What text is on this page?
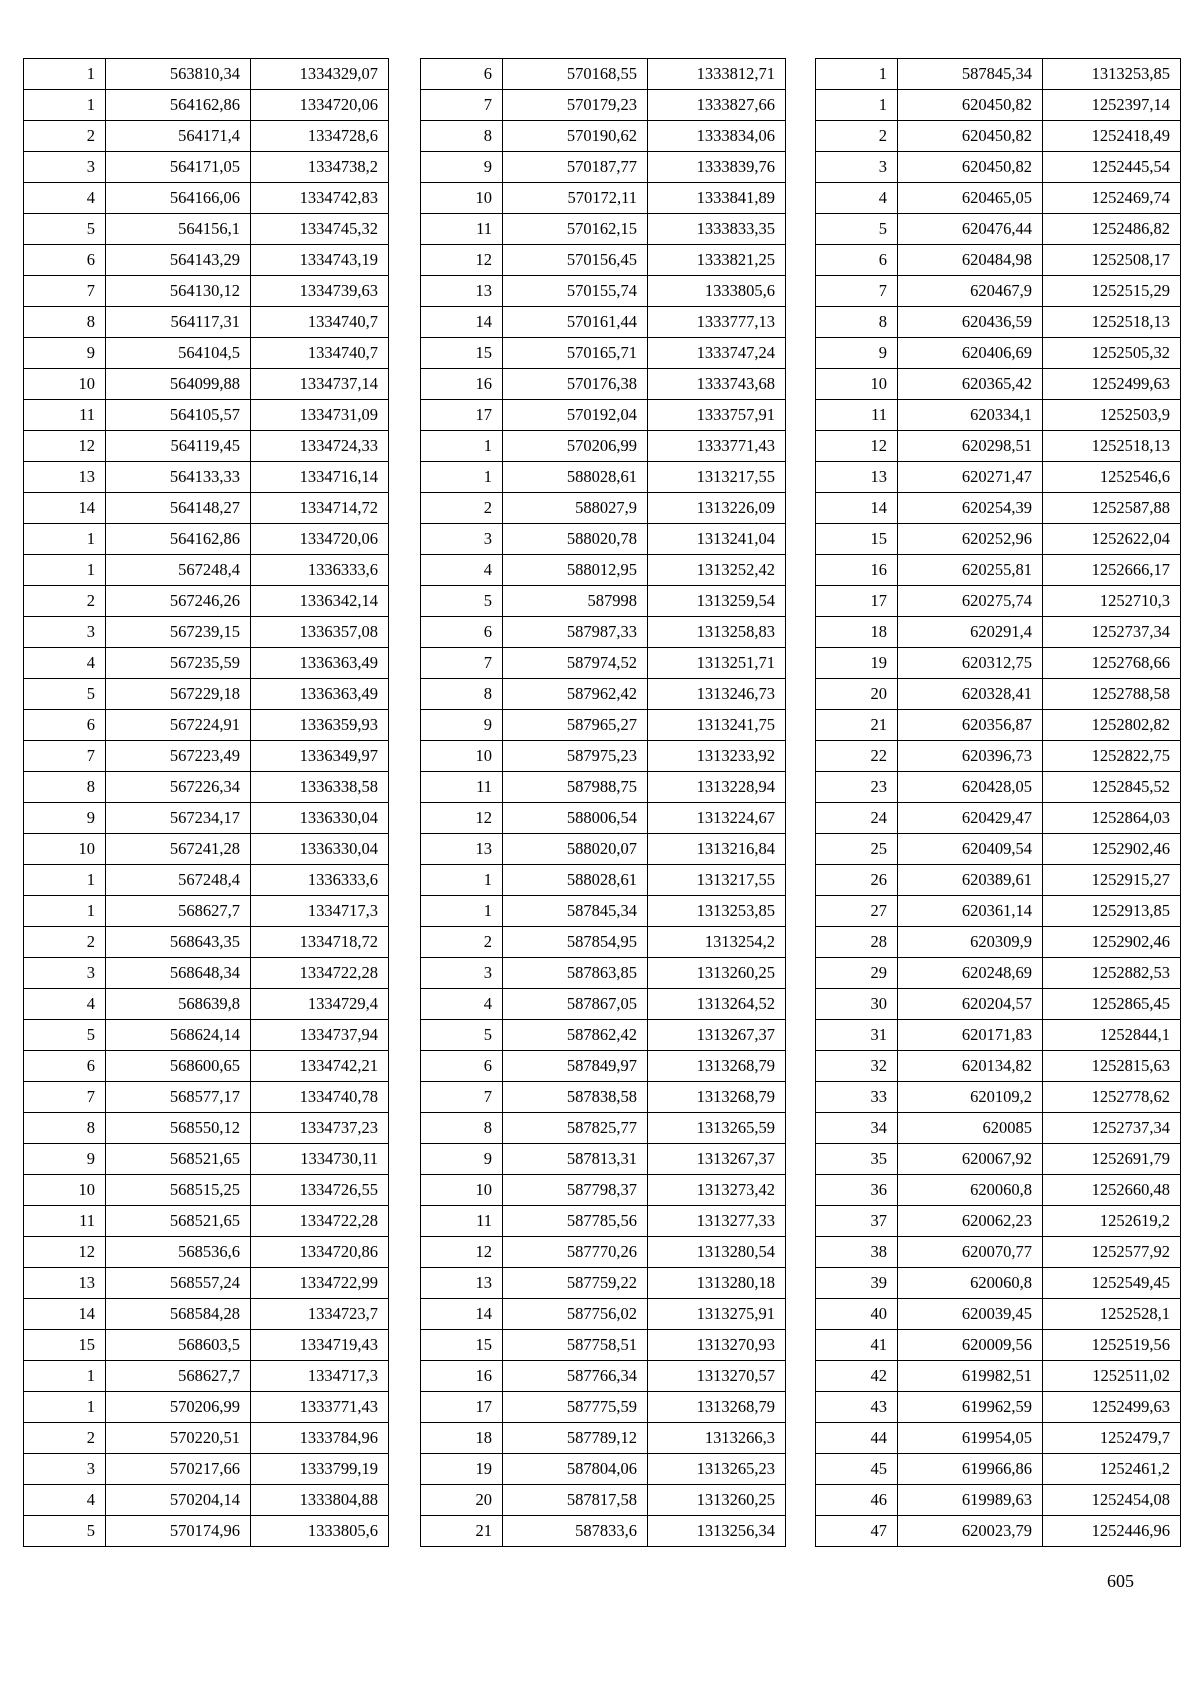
1	563810,34	1334329,07
1	564162,86	1334720,06
2	564171,4	1334728,6
3	564171,05	1334738,2
4	564166,06	1334742,83
5	564156,1	1334745,32
6	564143,29	1334743,19
7	564130,12	1334739,63
8	564117,31	1334740,7
9	564104,5	1334740,7
10	564099,88	1334737,14
11	564105,57	1334731,09
12	564119,45	1334724,33
13	564133,33	1334716,14
14	564148,27	1334714,72
1	564162,86	1334720,06
1	567248,4	1336333,6
2	567246,26	1336342,14
3	567239,15	1336357,08
4	567235,59	1336363,49
5	567229,18	1336363,49
6	567224,91	1336359,93
7	567223,49	1336349,97
8	567226,34	1336338,58
9	567234,17	1336330,04
10	567241,28	1336330,04
1	567248,4	1336333,6
1	568627,7	1334717,3
2	568643,35	1334718,72
3	568648,34	1334722,28
4	568639,8	1334729,4
5	568624,14	1334737,94
6	568600,65	1334742,21
7	568577,17	1334740,78
8	568550,12	1334737,23
9	568521,65	1334730,11
10	568515,25	1334726,55
11	568521,65	1334722,28
12	568536,6	1334720,86
13	568557,24	1334722,99
14	568584,28	1334723,7
15	568603,5	1334719,43
1	568627,7	1334717,3
1	570206,99	1333771,43
2	570220,51	1333784,96
3	570217,66	1333799,19
4	570204,14	1333804,88
5	570174,96	1333805,6
6	570168,55	1333812,71
7	570179,23	1333827,66
8	570190,62	1333834,06
9	570187,77	1333839,76
10	570172,11	1333841,89
11	570162,15	1333833,35
12	570156,45	1333821,25
13	570155,74	1333805,6
14	570161,44	1333777,13
15	570165,71	1333747,24
16	570176,38	1333743,68
17	570192,04	1333757,91
1	570206,99	1333771,43
1	588028,61	1313217,55
2	588027,9	1313226,09
3	588020,78	1313241,04
4	588012,95	1313252,42
5	587998	1313259,54
6	587987,33	1313258,83
7	587974,52	1313251,71
8	587962,42	1313246,73
9	587965,27	1313241,75
10	587975,23	1313233,92
11	587988,75	1313228,94
12	588006,54	1313224,67
13	588020,07	1313216,84
1	588028,61	1313217,55
1	587845,34	1313253,85
2	587854,95	1313254,2
3	587863,85	1313260,25
4	587867,05	1313264,52
5	587862,42	1313267,37
6	587849,97	1313268,79
7	587838,58	1313268,79
8	587825,77	1313265,59
9	587813,31	1313267,37
10	587798,37	1313273,42
11	587785,56	1313277,33
12	587770,26	1313280,54
13	587759,22	1313280,18
14	587756,02	1313275,91
15	587758,51	1313270,93
16	587766,34	1313270,57
17	587775,59	1313268,79
18	587789,12	1313266,3
19	587804,06	1313265,23
20	587817,58	1313260,25
21	587833,6	1313256,34
1	587845,34	1313253,85
1	620450,82	1252397,14
2	620450,82	1252418,49
3	620450,82	1252445,54
4	620465,05	1252469,74
5	620476,44	1252486,82
6	620484,98	1252508,17
7	620467,9	1252515,29
8	620436,59	1252518,13
9	620406,69	1252505,32
10	620365,42	1252499,63
11	620334,1	1252503,9
12	620298,51	1252518,13
13	620271,47	1252546,6
14	620254,39	1252587,88
15	620252,96	1252622,04
16	620255,81	1252666,17
17	620275,74	1252710,3
18	620291,4	1252737,34
19	620312,75	1252768,66
20	620328,41	1252788,58
21	620356,87	1252802,82
22	620396,73	1252822,75
23	620428,05	1252845,52
24	620429,47	1252864,03
25	620409,54	1252902,46
26	620389,61	1252915,27
27	620361,14	1252913,85
28	620309,9	1252902,46
29	620248,69	1252882,53
30	620204,57	1252865,45
31	620171,83	1252844,1
32	620134,82	1252815,63
33	620109,2	1252778,62
34	620085	1252737,34
35	620067,92	1252691,79
36	620060,8	1252660,48
37	620062,23	1252619,2
38	620070,77	1252577,92
39	620060,8	1252549,45
40	620039,45	1252528,1
41	620009,56	1252519,56
42	619982,51	1252511,02
43	619962,59	1252499,63
44	619954,05	1252479,7
45	619966,86	1252461,2
46	619989,63	1252454,08
47	620023,79	1252446,96
605
